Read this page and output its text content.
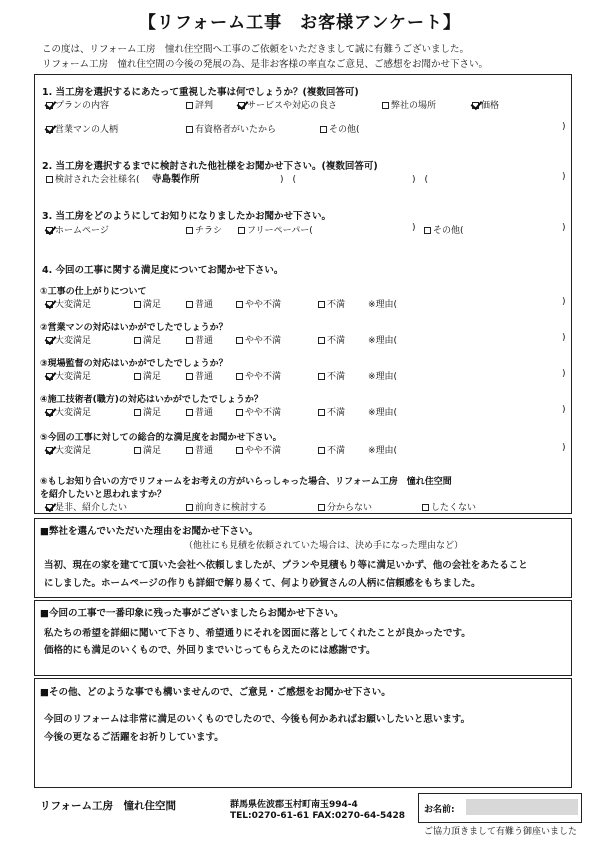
【リフォーム工事　お客様アンケート】
この度は、リフォーム工房　憧れ住空間へ工事のご依頼をいただきまして誠に有難うございました。
リフォーム工房　憧れ住空間の今後の発展の為、是非お客様の率直なご意見、ご感想をお聞かせ下さい。
1. 当工房を選択するにあたって重視した事は何でしょうか？(複数回答可)
プランの内容	評判	サービスや対応の良さ	弊社の場所	価格
営業マンの人柄	有資格者がいたから	その他(	)
2. 当工房を選択するまでに検討された他社様をお聞かせ下さい。(複数回答可)
検討された会社様名( 寺島製作所	)　(	)　(	)
3. 当工房をどのようにしてお知りになりましたかお聞かせ下さい。
ホームページ	チラシ	フリーペーパー(	)	その他(	)
4. 今回の工事に関する満足度についてお聞かせ下さい。
①工事の仕上がりについて
大変満足	満足	普通	やや不満	不満	※理由(	)
②営業マンの対応はいかがでしたでしょうか？
大変満足	満足	普通	やや不満	不満	※理由(	)
③現場監督の対応はいかがでしたでしょうか？
大変満足	満足	普通	やや不満	不満	※理由(	)
④施工技術者(職方)の対応はいかがでしたでしょうか？
大変満足	満足	普通	やや不満	不満	※理由(	)
⑤今回の工事に対しての総合的な満足度をお聞かせ下さい。
大変満足	満足	普通	やや不満	不満	※理由(	)
⑥もしお知り合いの方でリフォームをお考えの方がいらっしゃった場合、リフォーム工房　憧れ住空間
を紹介したいと思われますか？
是非、紹介したい	前向きに検討する	分からない	したくない
■弊社を選んでいただいた理由をお聞かせ下さい。
（他社にも見積を依頼されていた場合は、決め手になった理由など）
当初、現在の家を建てて頂いた会社へ依頼しましたが、プランや見積もり等に満足いかず、他の会社をあたること
にしました。ホームページの作りも詳細で解り易くて、何より砂賀さんの人柄に信頼感をもちました。
■今回の工事で一番印象に残った事がございましたらお聞かせ下さい。
私たちの希望を詳細に聞いて下さり、希望通りにそれを図面に落としてくれたことが良かったです。
価格的にも満足のいくもので、外回りまでいじってもらえたのには感謝です。
■その他、どのような事でも構いませんので、ご意見・ご感想をお聞かせ下さい。
今回のリフォームは非常に満足のいくものでしたので、今後も何かあればお願いしたいと思います。
今後の更なるご活躍をお祈りしています。
リフォーム工房　憧れ住空間	群馬県佐波郡玉村町南玉994-4
TEL:0270-61-61 FAX:0270-64-5428
お名前:
ご協力頂きまして有難う御座いました
